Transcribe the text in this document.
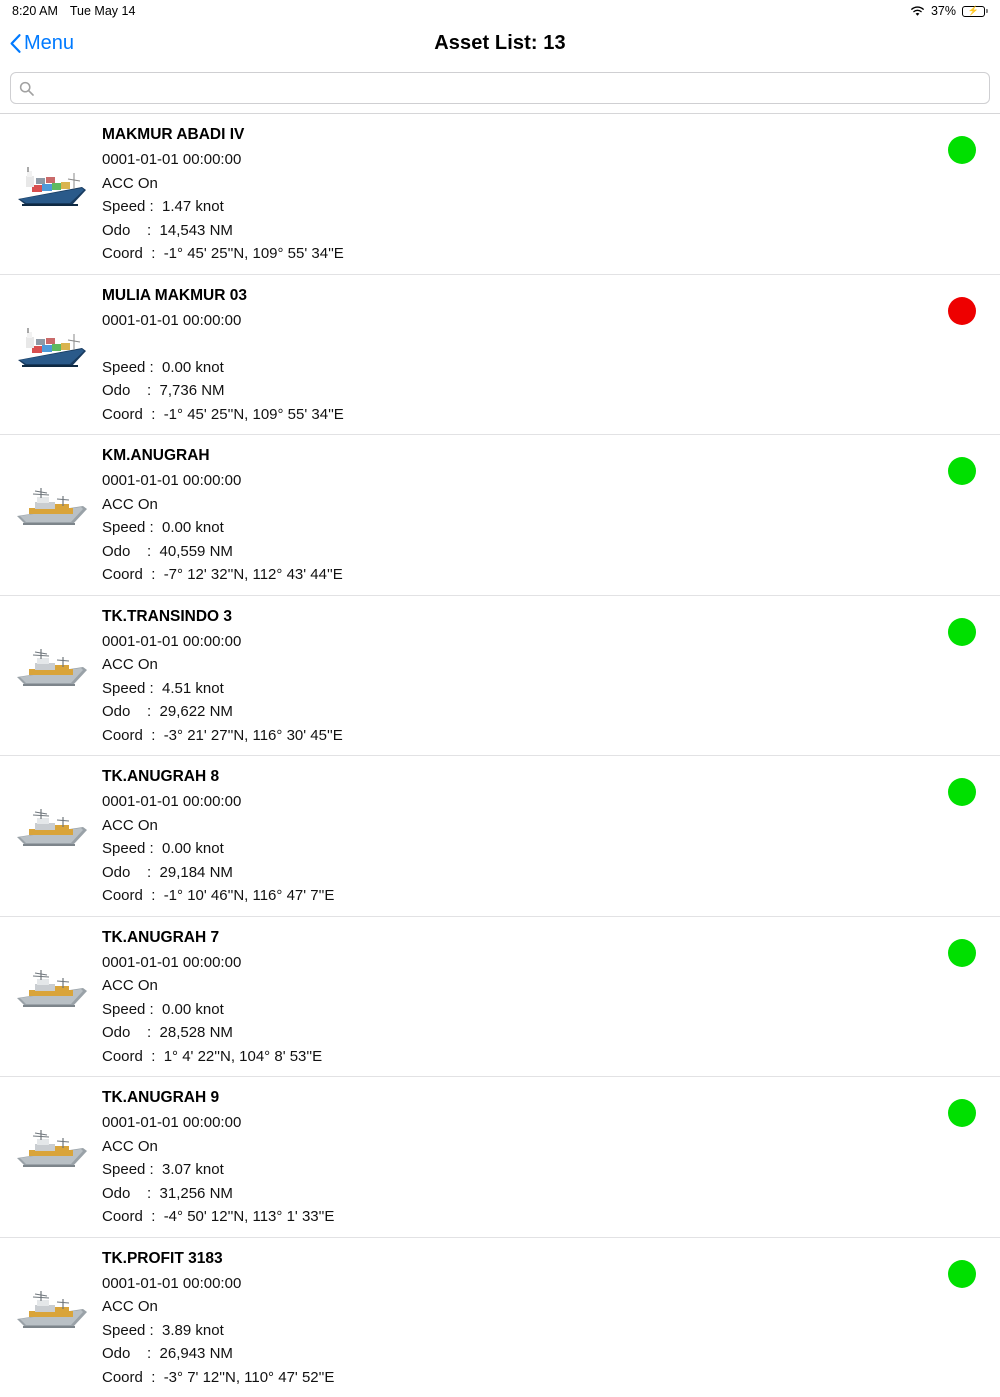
8:20 AM Tue May 14	37% ⚡
Menu	Asset List: 13
MAKMUR ABADI IV
0001-01-01 00:00:00
ACC On
Speed :  1.47 knot
Odo    :  14,543 NM
Coord  :  -1° 45' 25''N, 109° 55' 34''E
MULIA MAKMUR 03
0001-01-01 00:00:00
Speed :  0.00 knot
Odo    :  7,736 NM
Coord  :  -1° 45' 25''N, 109° 55' 34''E
KM.ANUGRAH
0001-01-01 00:00:00
ACC On
Speed :  0.00 knot
Odo    :  40,559 NM
Coord  :  -7° 12' 32''N, 112° 43' 44''E
TK.TRANSINDO 3
0001-01-01 00:00:00
ACC On
Speed :  4.51 knot
Odo    :  29,622 NM
Coord  :  -3° 21' 27''N, 116° 30' 45''E
TK.ANUGRAH 8
0001-01-01 00:00:00
ACC On
Speed :  0.00 knot
Odo    :  29,184 NM
Coord  :  -1° 10' 46''N, 116° 47' 7''E
TK.ANUGRAH 7
0001-01-01 00:00:00
ACC On
Speed :  0.00 knot
Odo    :  28,528 NM
Coord  :  1° 4' 22''N, 104° 8' 53''E
TK.ANUGRAH 9
0001-01-01 00:00:00
ACC On
Speed :  3.07 knot
Odo    :  31,256 NM
Coord  :  -4° 50' 12''N, 113° 1' 33''E
TK.PROFIT 3183
0001-01-01 00:00:00
ACC On
Speed :  3.89 knot
Odo    :  26,943 NM
Coord  :  -3° 7' 12''N, 110° 47' 52''E
